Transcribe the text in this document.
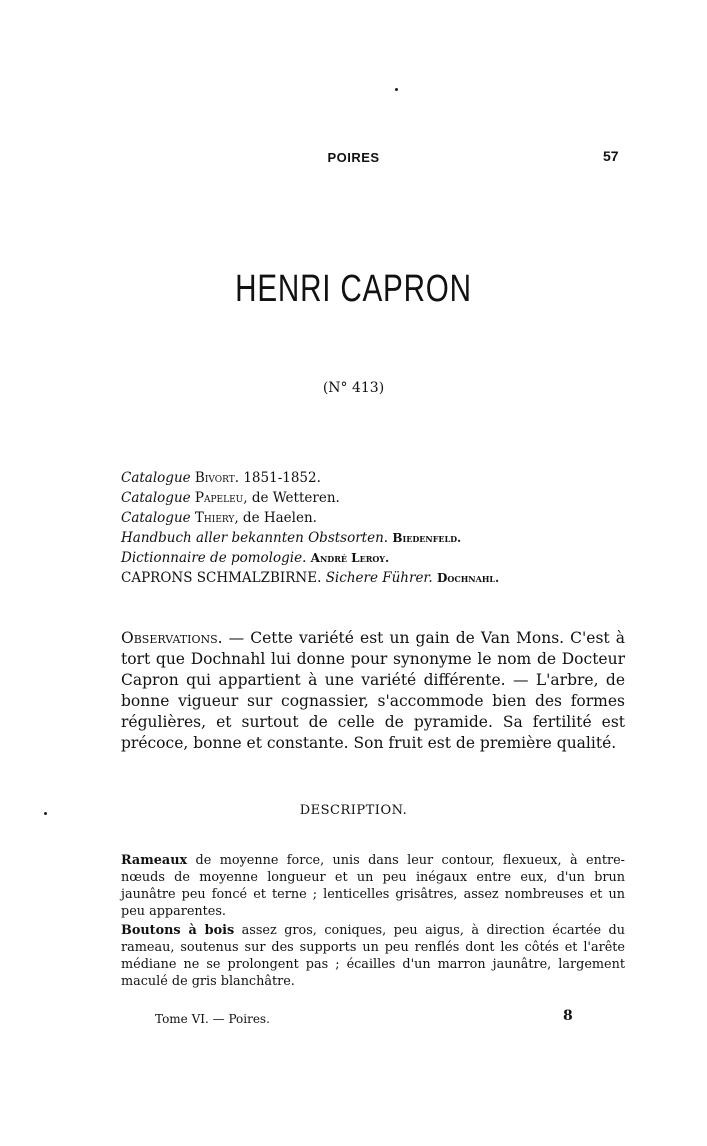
POIRES	57
HENRI CAPRON
(N° 413)
Catalogue Bivort. 1851-1852.
Catalogue Papeleu, de Wetteren.
Catalogue Thiery, de Haelen.
Handbuch aller bekannten Obstsorten. Biedenfeld.
Dictionnaire de pomologie. André Leroy.
CAPRONS SCHMALZBIRNE. Sichere Führer. Dochnahl.

Observations. — Cette variété est un gain de Van Mons. C'est à tort que Dochnahl lui donne pour synonyme le nom de Docteur Capron qui appartient à une variété différente. — L'arbre, de bonne vigueur sur cognassier, s'accommode bien des formes régulières, et surtout de celle de pyramide. Sa fertilité est précoce, bonne et constante. Son fruit est de première qualité.

DESCRIPTION.

Rameaux de moyenne force, unis dans leur contour, flexueux, à entre-nœuds de moyenne longueur et un peu inégaux entre eux, d'un brun jaunâtre peu foncé et terne ; lenticelles grisâtres, assez nombreuses et un peu apparentes.

Boutons à bois assez gros, coniques, peu aigus, à direction écartée du rameau, soutenus sur des supports un peu renflés dont les côtés et l'arête médiane ne se prolongent pas ; écailles d'un marron jaunâtre, largement maculé de gris blanchâtre.

Tome VI. — Poires.	8
